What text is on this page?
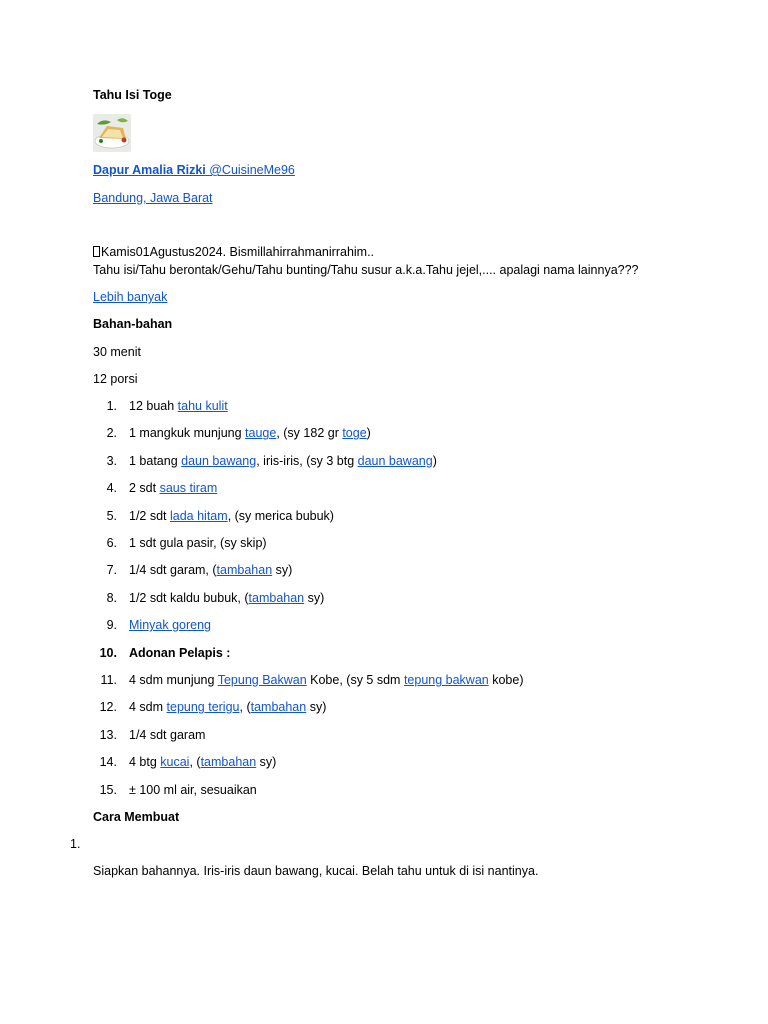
Tahu Isi Toge
Dapur Amalia Rizki @CuisineMe96
Bandung, Jawa Barat
Kamis01Agustus2024. Bismillahirrahmanirrahim..
Tahu isi/Tahu berontak/Gehu/Tahu bunting/Tahu susur a.k.a.Tahu jejel,.... apalagi nama lainnya???
Lebih banyak
Bahan-bahan
30 menit
12 porsi
1. 12 buah tahu kulit
2. 1 mangkuk munjung tauge, (sy 182 gr toge)
3. 1 batang daun bawang, iris-iris, (sy 3 btg daun bawang)
4. 2 sdt saus tiram
5. 1/2 sdt lada hitam, (sy merica bubuk)
6. 1 sdt gula pasir, (sy skip)
7. 1/4 sdt garam, (tambahan sy)
8. 1/2 sdt kaldu bubuk, (tambahan sy)
9. Minyak goreng
10. Adonan Pelapis :
11. 4 sdm munjung Tepung Bakwan Kobe, (sy 5 sdm tepung bakwan kobe)
12. 4 sdm tepung terigu, (tambahan sy)
13. 1/4 sdt garam
14. 4 btg kucai, (tambahan sy)
15. ± 100 ml air, sesuaikan
Cara Membuat
1.
Siapkan bahannya. Iris-iris daun bawang, kucai. Belah tahu untuk di isi nantinya.
